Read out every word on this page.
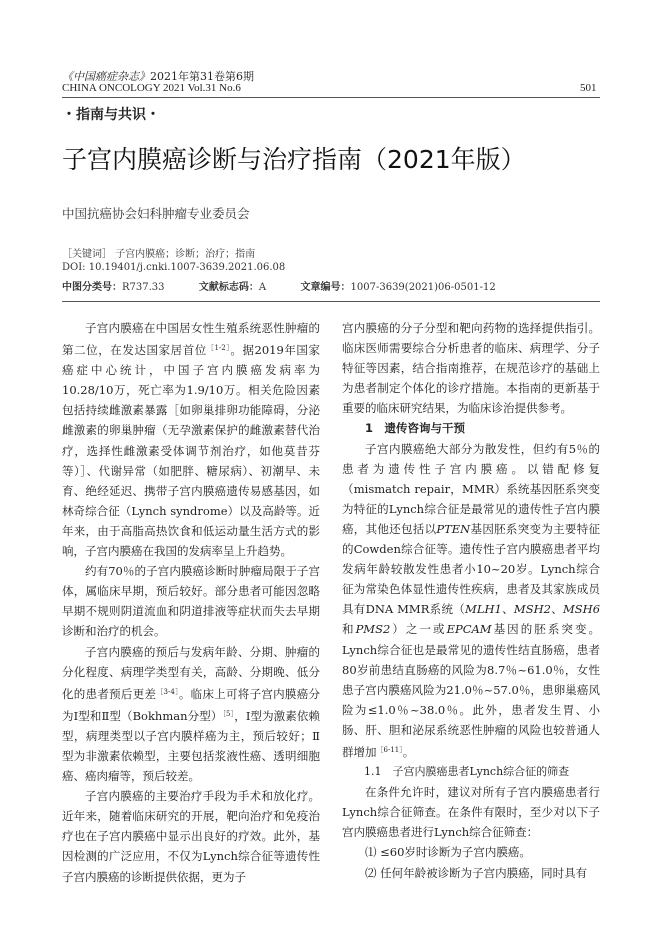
《中国癌症杂志》2021年第31卷第6期
CHINA ONCOLOGY 2021 Vol.31 No.6	501
・指南与共识・
子宫内膜癌诊断与治疗指南（2021年版）
中国抗癌协会妇科肿瘤专业委员会
［关键词］ 子宫内膜癌；诊断；治疗；指南
DOI: 10.19401/j.cnki.1007-3639.2021.06.08
中图分类号：R737.33	文献标志码：A	文章编号：1007-3639(2021)06-0501-12

子宫内膜癌在中国居女性生殖系统恶性肿瘤的第二位，在发达国家居首位$^{[1-2]}$。据2019年国家癌症中心统计，中国子宫内膜癌发病率为10.28/10万，死亡率为1.9/10万。相关危险因素包括持续雌激素暴露［如卵巢排卵功能障碍，分泌雌激素的卵巢肿瘤（无孕激素保护的雌激素替代治疗，选择性雌激素受体调节剂治疗，如他莫昔芬等）］、代谢异常（如肥胖、糖尿病）、初潮早、未育、绝经延迟、携带子宫内膜癌遗传易感基因，如林奇综合征（Lynch syndrome）以及高龄等。近年来，由于高脂高热饮食和低运动量生活方式的影响，子宫内膜癌在我国的发病率呈上升趋势。

约有70％的子宫内膜癌诊断时肿瘤局限于子宫体，属临床早期，预后较好。部分患者可能因忽略早期不规则阴道流血和阴道排液等症状而失去早期诊断和治疗的机会。

子宫内膜癌的预后与发病年龄、分期、肿瘤的分化程度、病理学类型有关，高龄、分期晚、低分化的患者预后更差$^{[3-4]}$。临床上可将子宫内膜癌分为Ⅰ型和Ⅱ型（Bokhman分型）$^{[5]}$，Ⅰ型为激素依赖型，病理类型以子宫内膜样癌为主，预后较好；Ⅱ型为非激素依赖型，主要包括浆液性癌、透明细胞癌、癌肉瘤等，预后较差。

子宫内膜癌的主要治疗手段为手术和放化疗。近年来，随着临床研究的开展，靶向治疗和免疫治疗也在子宫内膜癌中显示出良好的疗效。此外，基因检测的广泛应用，不仅为Lynch综合征等遗传性子宫内膜癌的诊断提供依据，更为子

宫内膜癌的分子分型和靶向药物的选择提供指引。临床医师需要综合分析患者的临床、病理学、分子特征等因素，结合指南推荐，在规范诊疗的基础上为患者制定个体化的诊疗措施。本指南的更新基于重要的临床研究结果，为临床诊治提供参考。

1　遗传咨询与干预

子宫内膜癌绝大部分为散发性，但约有5％的患者为遗传性子宫内膜癌。以错配修复（mismatch repair，MMR）系统基因胚系突变为特征的Lynch综合征是最常见的遗传性子宫内膜癌，其他还包括以PTEN基因胚系突变为主要特征的Cowden综合征等。遗传性子宫内膜癌患者平均发病年龄较散发性患者小10~20岁。Lynch综合征为常染色体显性遗传性疾病，患者及其家族成员具有DNA MMR系统（MLH1、MSH2、MSH6和PMS2）之一或EPCAM基因的胚系突变。Lynch综合征也是最常见的遗传性结直肠癌，患者80岁前患结直肠癌的风险为8.7％~61.0％，女性患子宫内膜癌风险为21.0％~57.0％，患卵巢癌风险为≤1.0％~38.0％。此外，患者发生胃、小肠、肝、胆和泌尿系统恶性肿瘤的风险也较普通人群增加$^{[6-11]}$。

1.1　子宫内膜癌患者Lynch综合征的筛查

在条件允许时，建议对所有子宫内膜癌患者行Lynch综合征筛查。在条件有限时，至少对以下子宫内膜癌患者进行Lynch综合征筛查：

⑴ ≤60岁时诊断为子宫内膜癌。

⑵ 任何年龄被诊断为子宫内膜癌，同时具有
